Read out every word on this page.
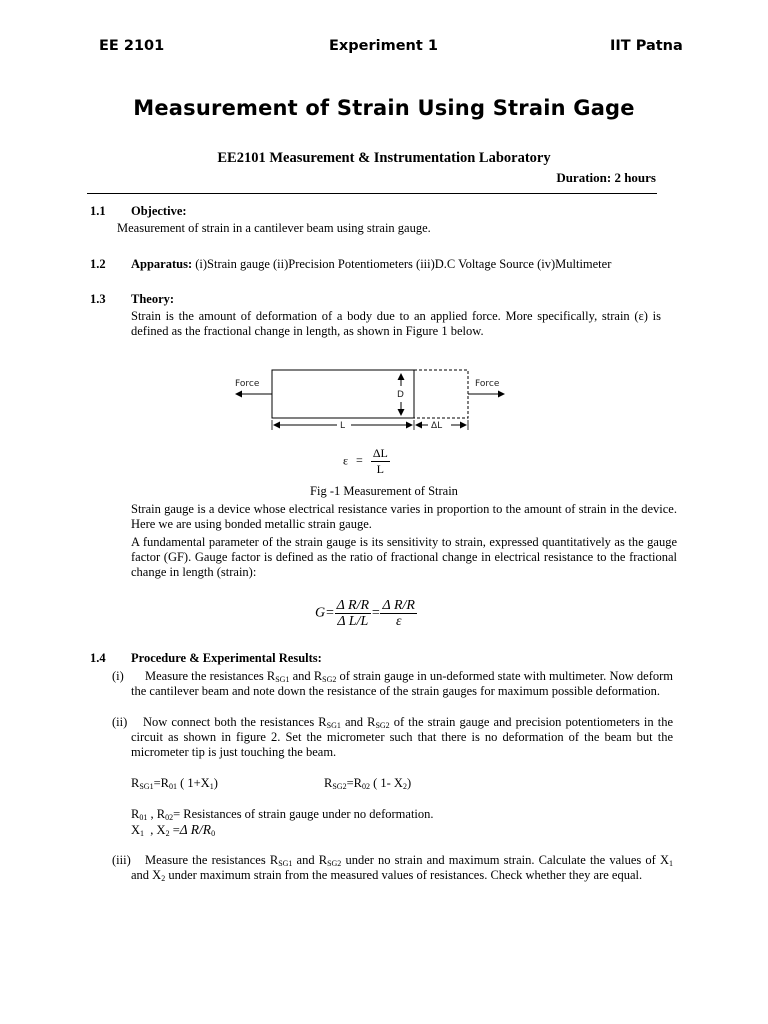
EE 2101	Experiment 1	IIT Patna
Measurement of Strain Using Strain Gage
EE2101 Measurement & Instrumentation Laboratory
Duration: 2 hours
1.1 Objective:
Measurement of strain in a cantilever beam using strain gauge.
1.2 Apparatus: (i)Strain gauge (ii)Precision Potentiometers (iii)D.C Voltage Source (iv)Multimeter
1.3 Theory:
Strain is the amount of deformation of a body due to an applied force. More specifically, strain (ε) is defined as the fractional change in length, as shown in Figure 1 below.
Force	Force
D
L	ΔL
$\varepsilon = \frac{\Delta L}{L}$
Fig -1 Measurement of Strain
Strain gauge is a device whose electrical resistance varies in proportion to the amount of strain in the device. Here we are using bonded metallic strain gauge.
A fundamental parameter of the strain gauge is its sensitivity to strain, expressed quantitatively as the gauge factor (GF). Gauge factor is defined as the ratio of fractional change in electrical resistance to the fractional change in length (strain):
$G= \frac{\text{Δ R/R}}{\text{Δ L/L}} = \frac{\text{Δ R/R}}{\varepsilon}$
1.4 Procedure & Experimental Results:
(i)	Measure the resistances $R_{SG1}$ and $R_{SG2}$ of strain gauge in un-deformed state with multimeter. Now deform the cantilever beam and note down the resistance of the strain gauges for maximum possible deformation.
(ii)	Now connect both the resistances $R_{SG1}$ and $R_{SG2}$ of the strain gauge and precision potentiometers in the circuit as shown in figure 2. Set the micrometer such that there is no deformation of the beam but the micrometer tip is just touching the beam.
$R_{SG1}=R_{01}$ ( $1+X_1$)	$R_{SG2}=R_{02}$ ( 1- $X_2$)
$R_{01}$ , $R_{02}=$ Resistances of strain gauge under no deformation.
$X_1$  , $X_2 =\Delta$ $R/R_0$
(iii)	Measure the resistances $R_{SG1}$ and $R_{SG2}$ under no strain and maximum strain. Calculate the values of $X_1$ and $X_2$ under maximum strain from the measured values of resistances. Check whether they are equal.
